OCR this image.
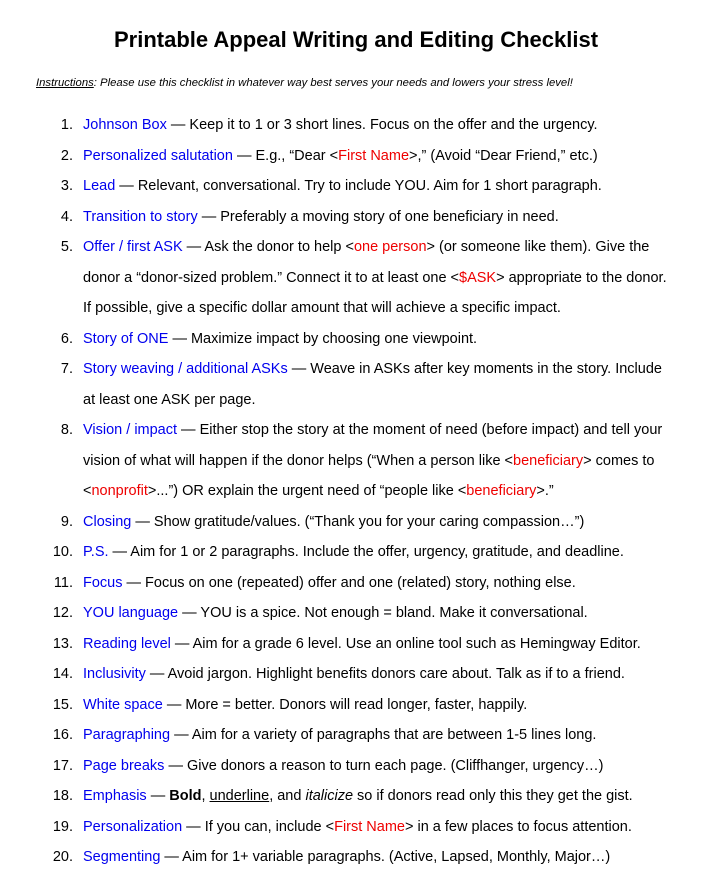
Printable Appeal Writing and Editing Checklist

Instructions: Please use this checklist in whatever way best serves your needs and lowers your stress level!

1. Johnson Box — Keep it to 1 or 3 short lines. Focus on the offer and the urgency.
2. Personalized salutation — E.g., “Dear <First Name>,” (Avoid “Dear Friend,” etc.)
3. Lead — Relevant, conversational. Try to include YOU. Aim for 1 short paragraph.
4. Transition to story — Preferably a moving story of one beneficiary in need.
5. Offer / first ASK — Ask the donor to help <one person> (or someone like them). Give the donor a “donor-sized problem.” Connect it to at least one <$ASK> appropriate to the donor. If possible, give a specific dollar amount that will achieve a specific impact.
6. Story of ONE — Maximize impact by choosing one viewpoint.
7. Story weaving / additional ASKs — Weave in ASKs after key moments in the story. Include at least one ASK per page.
8. Vision / impact — Either stop the story at the moment of need (before impact) and tell your vision of what will happen if the donor helps (“When a person like <beneficiary> comes to <nonprofit>...”) OR explain the urgent need of “people like <beneficiary>.”
9. Closing — Show gratitude/values. (“Thank you for your caring compassion…”)
10. P.S. — Aim for 1 or 2 paragraphs. Include the offer, urgency, gratitude, and deadline.
11. Focus — Focus on one (repeated) offer and one (related) story, nothing else.
12. YOU language — YOU is a spice. Not enough = bland. Make it conversational.
13. Reading level — Aim for a grade 6 level. Use an online tool such as Hemingway Editor.
14. Inclusivity — Avoid jargon. Highlight benefits donors care about. Talk as if to a friend.
15. White space — More = better. Donors will read longer, faster, happily.
16. Paragraphing — Aim for a variety of paragraphs that are between 1-5 lines long.
17. Page breaks — Give donors a reason to turn each page. (Cliffhanger, urgency…)
18. Emphasis — Bold, underline, and italicize so if donors read only this they get the gist.
19. Personalization — If you can, include <First Name> in a few places to focus attention.
20. Segmenting — Aim for 1+ variable paragraphs. (Active, Lapsed, Monthly, Major…)
